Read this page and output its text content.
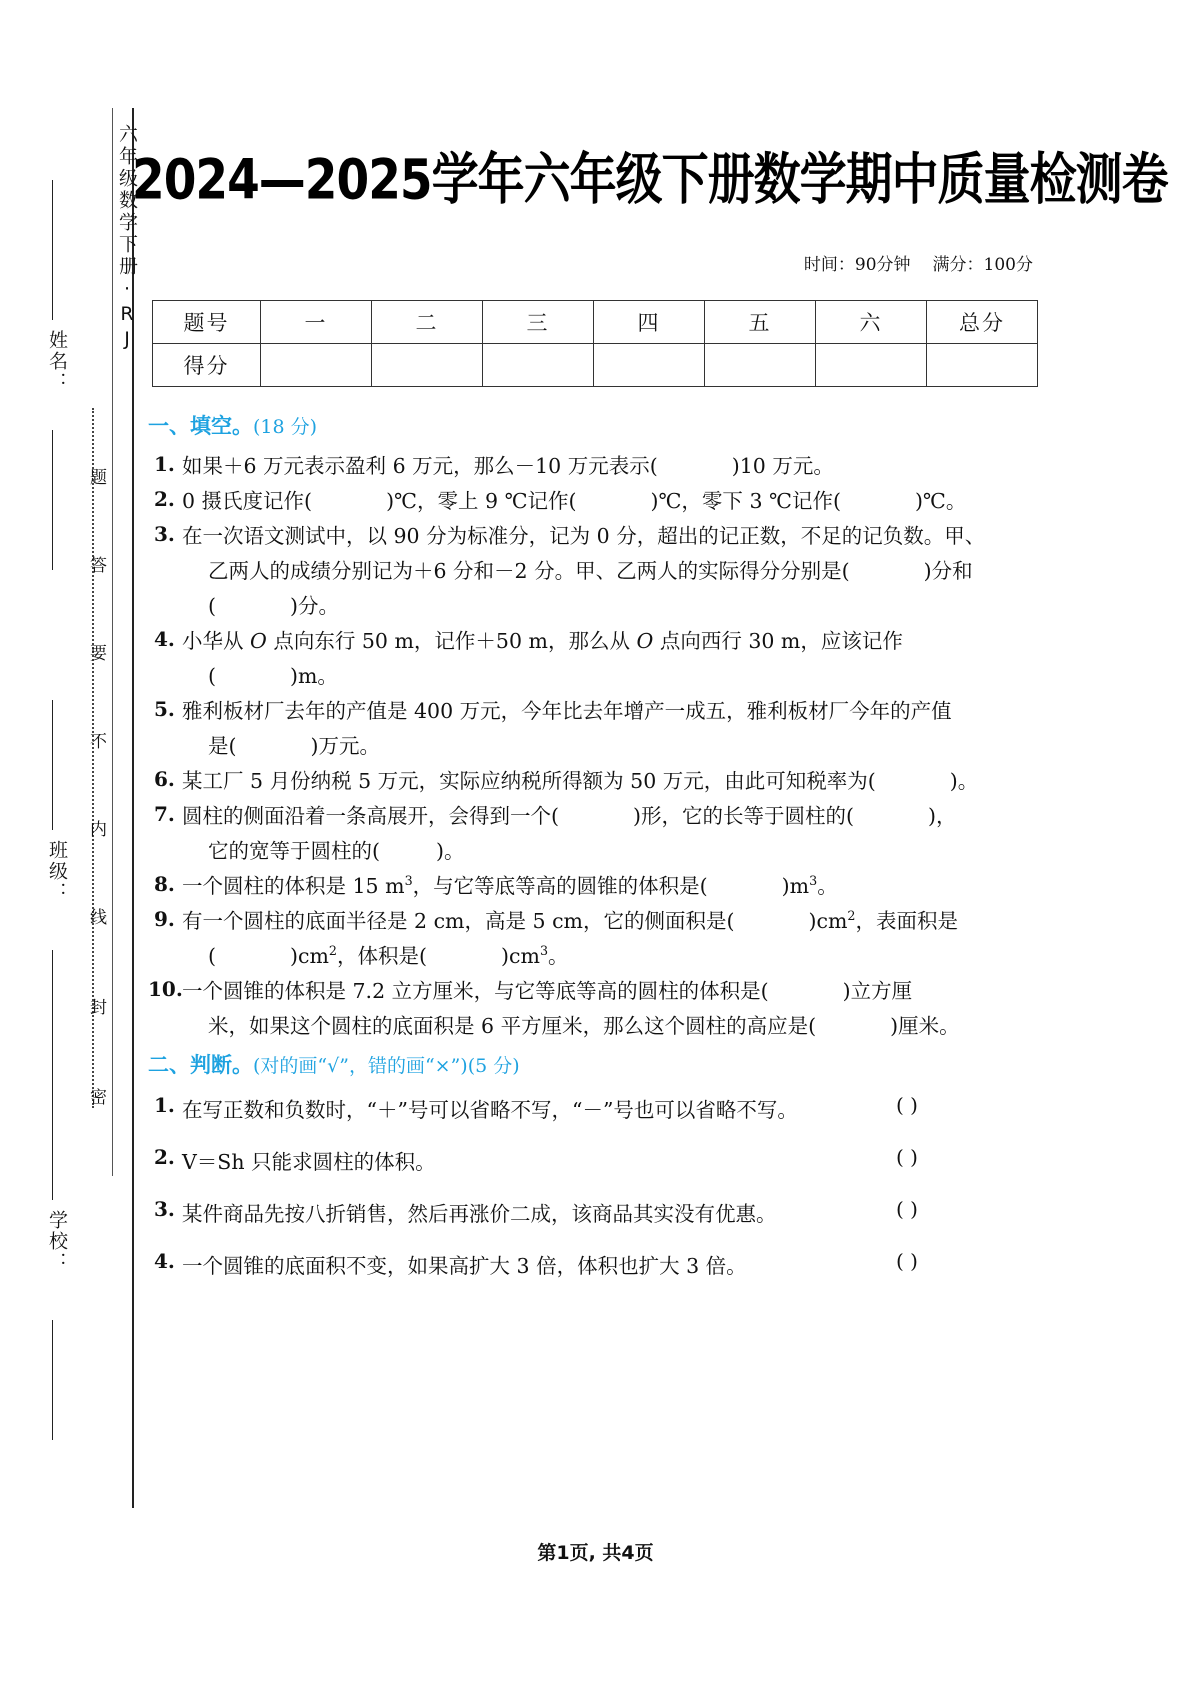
六年级数学下册·RJ
密
封
线
内
不
要
答
题
姓名：
班级：
学校：
2024—2025学年六年级下册数学期中质量检测卷
时间：90分钟 满分：100分
题号	一	二	三	四	五	六	总分
得分							
一、填空。(18 分)
1. 如果＋6 万元表示盈利 6 万元，那么－10 万元表示(	)10 万元。

2. 0 摄氏度记作(	)℃，零上 9 ℃记作(	)℃，零下 3 ℃记作(	)℃。

3. 在一次语文测试中，以 90 分为标准分，记为 0 分，超出的记正数，不足的记负数。甲、

乙两人的成绩分别记为＋6 分和－2 分。甲、乙两人的实际得分分别是(	)分和

(	)分。

4. 小华从 O 点向东行 50 m，记作＋50 m，那么从 O 点向西行 30 m，应该记作

(	)m。

5. 雅利板材厂去年的产值是 400 万元，今年比去年增产一成五，雅利板材厂今年的产值

是(	)万元。

6. 某工厂 5 月份纳税 5 万元，实际应纳税所得额为 50 万元，由此可知税率为(	)。

7. 圆柱的侧面沿着一条高展开，会得到一个(	)形，它的长等于圆柱的(	)，

它的宽等于圆柱的(	)。

8. 一个圆柱的体积是 15 $m^3$，与它等底等高的圆锥的体积是(	)$m^3$。

9. 有一个圆柱的底面半径是 2 cm，高是 5 cm，它的侧面积是(	)$cm^2$，表面积是

(	)$cm^2$，体积是(	)$cm^3$。

10. 一个圆锥的体积是 7.2 立方厘米，与它等底等高的圆柱的体积是(	)立方厘

米，如果这个圆柱的底面积是 6 平方厘米，那么这个圆柱的高应是(	)厘米。

二、判断。(对的画“√”，错的画“×”)(5 分)
1. 在写正数和负数时，“＋”号可以省略不写，“－”号也可以省略不写。	( )
2. V＝Sh 只能求圆柱的体积。	( )
3. 某件商品先按八折销售，然后再涨价二成，该商品其实没有优惠。	( )
4. 一个圆锥的底面积不变，如果高扩大 3 倍，体积也扩大 3 倍。	( )
第1页, 共4页
